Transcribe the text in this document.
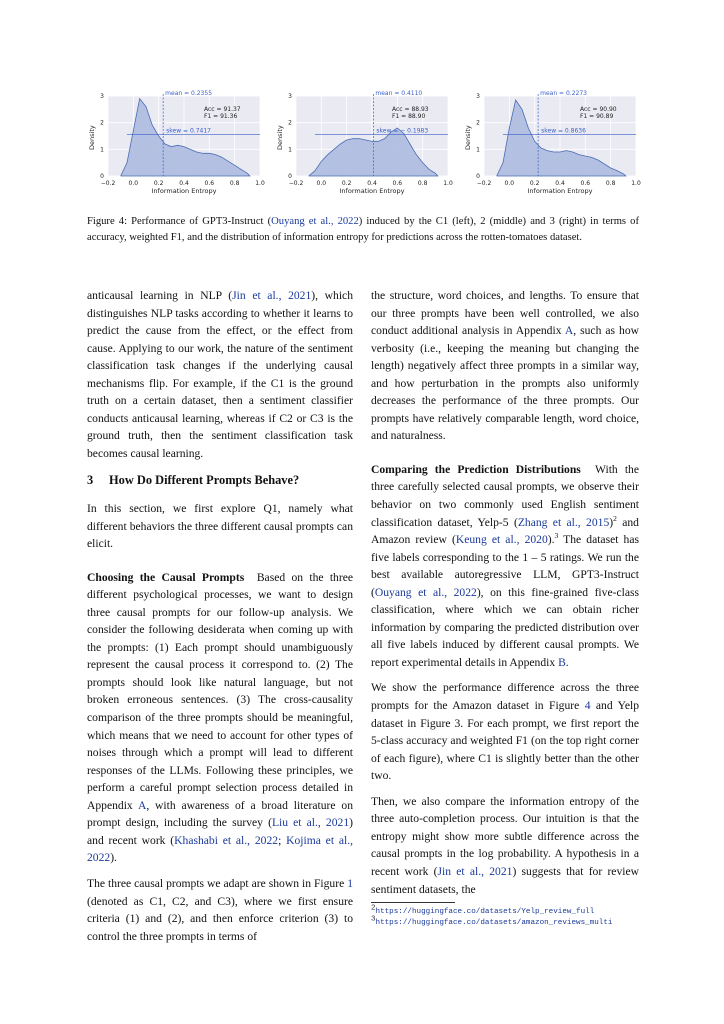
mean = 0.2355
Acc = 91.37
F1 = 91.36
skew = 0.7417
Density
Information Entropy
−0.2 0.0	0.2	0.4	0.6	0.8	1.0
0
1
2
3	mean = 0.4110
Acc = 88.93
F1 = 88.90
skew = − 0.1983
Density
Information Entropy
−0.2 0.0	0.2	0.4	0.6	0.8	1.0
0
1
2
3	mean = 0.2273
Acc = 90.90
F1 = 90.89
skew = 0.8636
Density
Information Entropy
−0.2 0.0	0.2	0.4	0.6	0.8	1.0
0
1
2
3
Figure 4: Performance of GPT3-Instruct (Ouyang et al., 2022) induced by the C1 (left), 2 (middle) and 3 (right) in terms of accuracy, weighted F1, and the distribution of information entropy for predictions across the rotten-tomatoes dataset.

anticausal learning in NLP (Jin et al., 2021), which distinguishes NLP tasks according to whether it learns to predict the cause from the effect, or the effect from cause. Applying to our work, the nature of the sentiment classification task changes if the underlying causal mechanisms flip. For example, if the C1 is the ground truth on a certain dataset, then a sentiment classifier conducts anticausal learning, whereas if C2 or C3 is the ground truth, then the sentiment classification task becomes causal learning.

3 How Do Different Prompts Behave?

In this section, we first explore Q1, namely what different behaviors the three different causal prompts can elicit.

Choosing the Causal Prompts Based on the three different psychological processes, we want to design three causal prompts for our follow-up analysis. We consider the following desiderata when coming up with the prompts: (1) Each prompt should unambiguously represent the causal process it correspond to. (2) The prompts should look like natural language, but not broken erroneous sentences. (3) The cross-causality comparison of the three prompts should be meaningful, which means that we need to account for other types of noises through which a prompt will lead to different responses of the LLMs. Following these principles, we perform a careful prompt selection process detailed in Appendix A, with awareness of a broad literature on prompt design, including the survey (Liu et al., 2021) and recent work (Khashabi et al., 2022; Kojima et al., 2022).

The three causal prompts we adapt are shown in Figure 1 (denoted as C1, C2, and C3), where we first ensure criteria (1) and (2), and then enforce criterion (3) to control the three prompts in terms of

the structure, word choices, and lengths. To ensure that our three prompts have been well controlled, we also conduct additional analysis in Appendix A, such as how verbosity (i.e., keeping the meaning but changing the length) negatively affect three prompts in a similar way, and how perturbation in the prompts also uniformly decreases the performance of the three prompts. Our prompts have relatively comparable length, word choice, and naturalness.

Comparing the Prediction Distributions With the three carefully selected causal prompts, we observe their behavior on two commonly used English sentiment classification dataset, Yelp-5 (Zhang et al., 2015)$^2$ and Amazon review (Keung et al., 2020).$^3$ The dataset has five labels corresponding to the 1 – 5 ratings. We run the best available autoregressive LLM, GPT3-Instruct (Ouyang et al., 2022), on this fine-grained five-class classification, where which we can obtain richer information by comparing the predicted distribution over all five labels induced by different causal prompts. We report experimental details in Appendix B.

We show the performance difference across the three prompts for the Amazon dataset in Figure 4 and Yelp dataset in Figure 3. For each prompt, we first report the 5-class accuracy and weighted F1 (on the top right corner of each figure), where C1 is slightly better than the other two.

Then, we also compare the information entropy of the three auto-completion process. Our intuition is that the entropy might show more subtle difference across the causal prompts in the log probability. A hypothesis in a recent work (Jin et al., 2021) suggests that for review sentiment datasets, the

$^2$https://huggingface.co/datasets/Yelp_review_full
$^3$https://huggingface.co/datasets/amazon_reviews_multi
